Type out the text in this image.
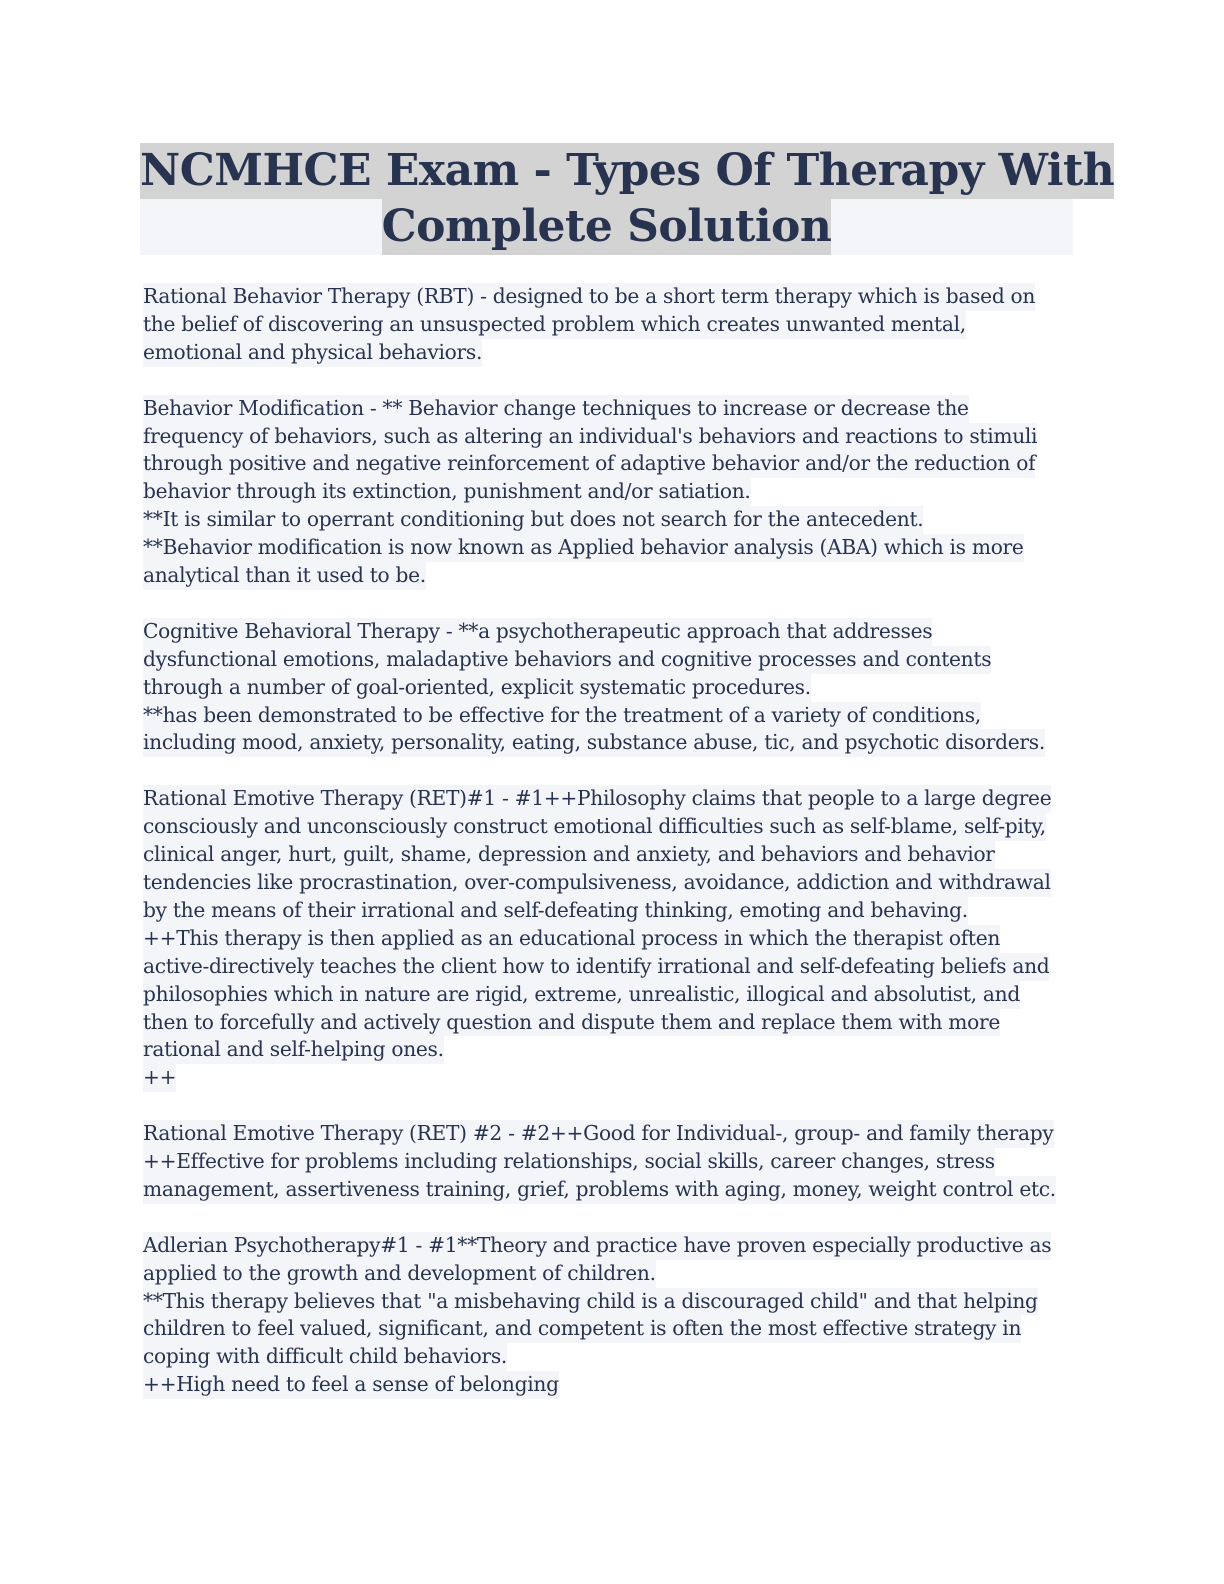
NCMHCE Exam - Types Of Therapy With
Complete Solution
Rational Behavior Therapy (RBT) - designed to be a short term therapy which is based on
the belief of discovering an unsuspected problem which creates unwanted mental,
emotional and physical behaviors.
Behavior Modification - ** Behavior change techniques to increase or decrease the
frequency of behaviors, such as altering an individual's behaviors and reactions to stimuli
through positive and negative reinforcement of adaptive behavior and/or the reduction of
behavior through its extinction, punishment and/or satiation.
**It is similar to operrant conditioning but does not search for the antecedent.
**Behavior modification is now known as Applied behavior analysis (ABA) which is more
analytical than it used to be.
Cognitive Behavioral Therapy - **a psychotherapeutic approach that addresses
dysfunctional emotions, maladaptive behaviors and cognitive processes and contents
through a number of goal-oriented, explicit systematic procedures.
**has been demonstrated to be effective for the treatment of a variety of conditions,
including mood, anxiety, personality, eating, substance abuse, tic, and psychotic disorders.
Rational Emotive Therapy (RET)#1 - #1++Philosophy claims that people to a large degree
consciously and unconsciously construct emotional difficulties such as self-blame, self-pity,
clinical anger, hurt, guilt, shame, depression and anxiety, and behaviors and behavior
tendencies like procrastination, over-compulsiveness, avoidance, addiction and withdrawal
by the means of their irrational and self-defeating thinking, emoting and behaving.
++This therapy is then applied as an educational process in which the therapist often
active-directively teaches the client how to identify irrational and self-defeating beliefs and
philosophies which in nature are rigid, extreme, unrealistic, illogical and absolutist, and
then to forcefully and actively question and dispute them and replace them with more
rational and self-helping ones.
++
Rational Emotive Therapy (RET) #2 - #2++Good for Individual-, group- and family therapy
++Effective for problems including relationships, social skills, career changes, stress
management, assertiveness training, grief, problems with aging, money, weight control etc.
Adlerian Psychotherapy#1 - #1**Theory and practice have proven especially productive as
applied to the growth and development of children.
**This therapy believes that "a misbehaving child is a discouraged child" and that helping
children to feel valued, significant, and competent is often the most effective strategy in
coping with difficult child behaviors.
++High need to feel a sense of belonging
